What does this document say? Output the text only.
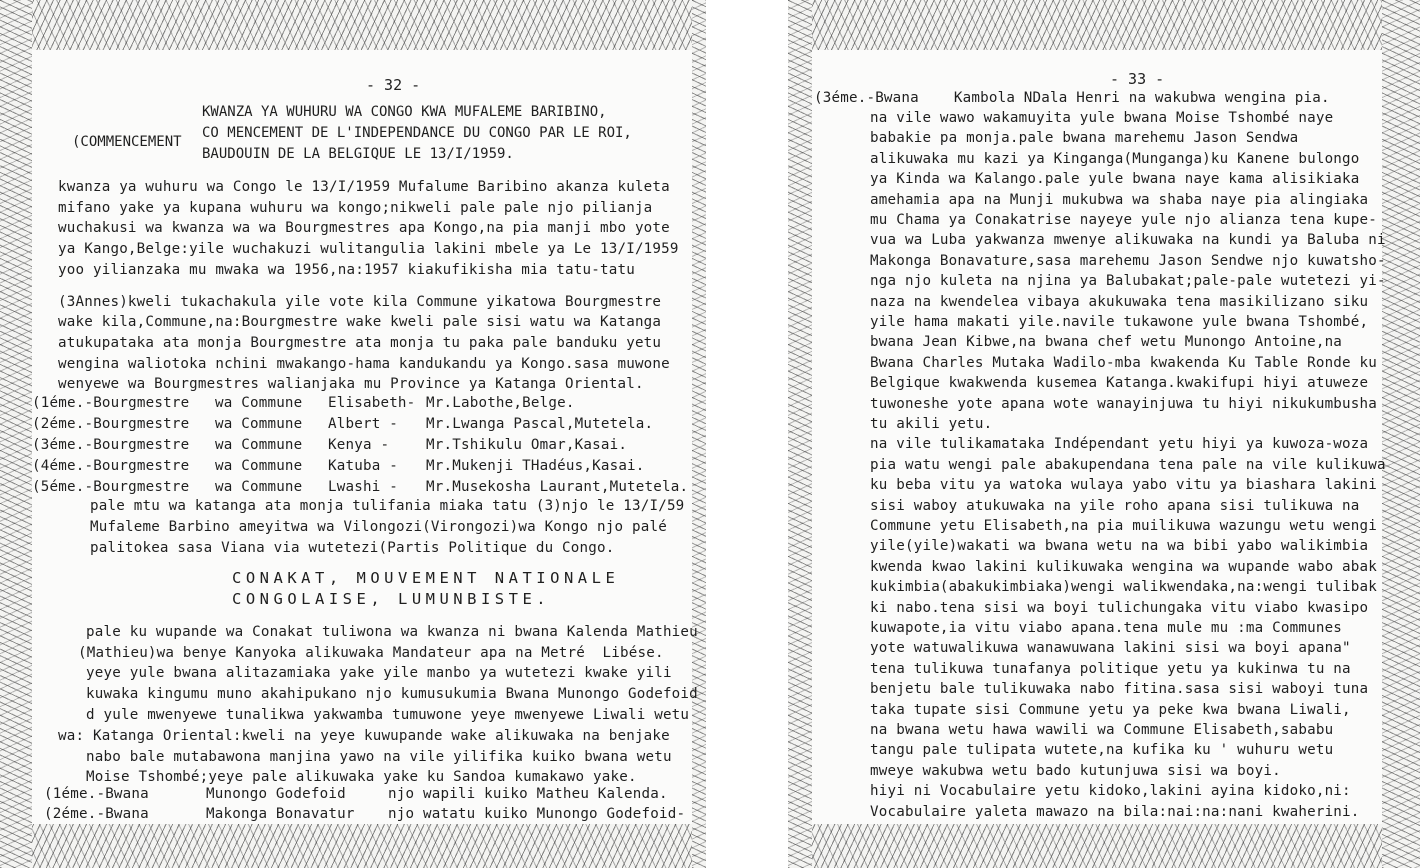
- 32 -
(COMMENCEMENT
KWANZA YA WUHURU WA CONGO KWA MUFALEME BARIBINO,
CO MENCEMENT DE L'INDEPENDANCE DU CONGO PAR LE ROI,
BAUDOUIN DE LA BELGIQUE LE 13/I/1959.
kwanza ya wuhuru wa Congo le 13/I/1959 Mufalume Baribino akanza kuleta
mifano yake ya kupana wuhuru wa kongo;nikweli pale pale njo pilianja
wuchakusi wa kwanza wa wa Bourgmestres apa Kongo,na pia manji mbo yote
ya Kango,Belge:yile wuchakuzi wulitangulia lakini mbele ya Le 13/I/1959
yoo yilianzaka mu mwaka wa 1956,na:1957 kiakufikisha mia tatu-tatu
(3Annes)kweli tukachakula yile vote kila Commune yikatowa Bourgmestre
wake kila,Commune,na:Bourgmestre wake kweli pale sisi watu wa Katanga
atukupataka ata monja Bourgmestre ata monja tu paka pale banduku yetu
wengina waliotoka nchini mwakango-hama kandukandu ya Kongo.sasa muwone
wenyewe wa Bourgmestres walianjaka mu Province ya Katanga Oriental.
(1éme.-Bourgmestre wa Commune Elisabeth- Mr.Labothe,Belge.
(2éme.-Bourgmestre wa Commune Albert - Mr.Lwanga Pascal,Mutetela.
(3éme.-Bourgmestre wa Commune Kenya -	Mr.Tshikulu Omar,Kasai.
(4éme.-Bourgmestre wa Commune Katuba - Mr.Mukenji THadéus,Kasai.
(5éme.-Bourgmestre wa Commune Lwashi - Mr.Musekosha Laurant,Mutetela.
pale mtu wa katanga ata monja tulifania miaka tatu (3)njo le 13/I/59
Mufaleme Barbino ameyitwa wa Vilongozi(Virongozi)wa Kongo njo palé
palitokea sasa Viana via wutetezi(Partis Politique du Congo.
CONAKAT, MOUVEMENT NATIONALE
CONGOLAISE, LUMUNBISTE.
pale ku wupande wa Conakat tuliwona wa kwanza ni bwana Kalenda Mathieu
(Mathieu)wa benye Kanyoka alikuwaka Mandateur apa na Metré  Libése.
yeye yule bwana alitazamiaka yake yile manbo ya wutetezi kwake yili
kuwaka kingumu muno akahipukano njo kumusukumia Bwana Munongo Godefoid
d yule mwenyewe tunalikwa yakwamba tumuwone yeye mwenyewe Liwali wetu
wa: Katanga Oriental:kweli na yeye kuwupande wake alikuwaka na benjake
nabo bale mutabawona manjina yawo na vile yilifika kuiko bwana wetu
Moise Tshombé;yeye pale alikuwaka yake ku Sandoa kumakawo yake.
(1éme.-Bwana	Munongo Godefoid	njo wapili kuiko Matheu Kalenda.
(2éme.-Bwana	Makonga Bonavatur njo watatu kuiko Munongo Godefoid-
- 33 -
(3éme.-Bwana    Kambola NDala Henri na wakubwa wengina pia.
na vile wawo wakamuyita yule bwana Moise Tshombé naye
babakie pa monja.pale bwana marehemu Jason Sendwa
alikuwaka mu kazi ya Kinganga(Munganga)ku Kanene bulongo
ya Kinda wa Kalango.pale yule bwana naye kama alisikiaka
amehamia apa na Munji mukubwa wa shaba naye pia alingiaka
mu Chama ya Conakatrise nayeye yule njo alianza tena kupe-
vua wa Luba yakwanza mwenye alikuwaka na kundi ya Baluba ni
Makonga Bonavature,sasa marehemu Jason Sendwe njo kuwatsho-
nga njo kuleta na njina ya Balubakat;pale-pale wutetezi yi-
naza na kwendelea vibaya akukuwaka tena masikilizano siku
yile hama makati yile.navile tukawone yule bwana Tshombé,
bwana Jean Kibwe,na bwana chef wetu Munongo Antoine,na
Bwana Charles Mutaka Wadilo-mba kwakenda Ku Table Ronde ku
Belgique kwakwenda kusemea Katanga.kwakifupi hiyi atuweze
tuwoneshe yote apana wote wanayinjuwa tu hiyi nikukumbusha
tu akili yetu.
na vile tulikamataka Indépendant yetu hiyi ya kuwoza-woza
pia watu wengi pale abakupendana tena pale na vile kulikuwa
ku beba vitu ya watoka wulaya yabo vitu ya biashara lakini
sisi waboy atukuwaka na yile roho apana sisi tulikuwa na
Commune yetu Elisabeth,na pia muilikuwa wazungu wetu wengi
yile(yile)wakati wa bwana wetu na wa bibi yabo walikimbia
kwenda kwao lakini kulikuwaka wengina wa wupande wabo abak
kukimbia(abakukimbiaka)wengi walikwendaka,na:wengi tulibak
ki nabo.tena sisi wa boyi tulichungaka vitu viabo kwasipo
kuwapote,ia vitu viabo apana.tena mule mu :ma Communes
yote watuwalikuwa wanawuwana lakini sisi wa boyi apana"
tena tulikuwa tunafanya politique yetu ya kukinwa tu na
benjetu bale tulikuwaka nabo fitina.sasa sisi waboyi tuna
taka tupate sisi Commune yetu ya peke kwa bwana Liwali,
na bwana wetu hawa wawili wa Commune Elisabeth,sababu
tangu pale tulipata wutete,na kufika ku ' wuhuru wetu
mweye wakubwa wetu bado kutunjuwa sisi wa boyi.
hiyi ni Vocabulaire yetu kidoko,lakini ayina kidoko,ni:
Vocabulaire yaleta mawazo na bila:nai:na:nani kwaherini.
